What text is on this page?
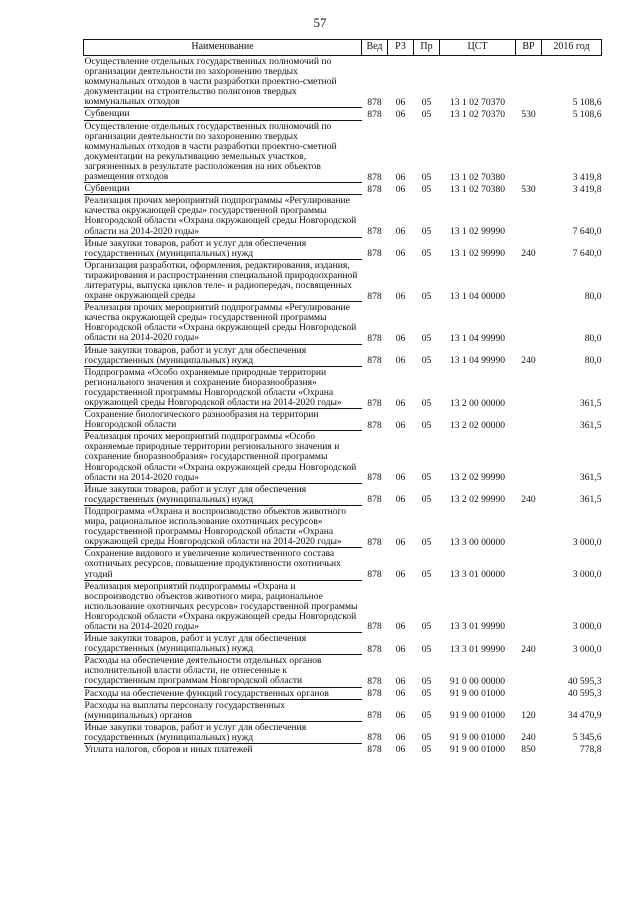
57
Наименование	Вед	РЗ	Пр	ЦСТ	ВР	2016 год
Осуществление отдельных государственных полномочий по организации деятельности по захоронению твердых коммунальных отходов в части разработки проектно-сметной документации на строительство полигонов твердых коммунальных отходов	878	06	05	13 1 02 70370		5 108,6
Субвенции	878	06	05	13 1 02 70370	530	5 108,6
Осуществление отдельных государственных полномочий по организации деятельности по захоронению твердых коммунальных отходов в части разработки проектно-сметной документации на рекультивацию земельных участков, загрязненных в результате расположения на них объектов размещения отходов	878	06	05	13 1 02 70380		3 419,8
Субвенции	878	06	05	13 1 02 70380	530	3 419,8
Реализация прочих мероприятий подпрограммы «Регулирование качества окружающей среды» государственной программы Новгородской области «Охрана окружающей среды Новгородской области на 2014-2020 годы»	878	06	05	13 1 02 99990		7 640,0
Иные закупки товаров, работ и услуг для обеспечения государственных (муниципальных) нужд	878	06	05	13 1 02 99990	240	7 640,0
Организация разработки, оформления, редактирования, издания, тиражирования и распространения специальной природоохранной литературы, выпуска циклов теле- и радиопередач, посвященных охране окружающей среды	878	06	05	13 1 04 00000		80,0
Реализация прочих мероприятий подпрограммы «Регулирование качества окружающей среды» государственной программы Новгородской области «Охрана окружающей среды Новгородской области на 2014-2020 годы»	878	06	05	13 1 04 99990		80,0
Иные закупки товаров, работ и услуг для обеспечения государственных (муниципальных) нужд	878	06	05	13 1 04 99990	240	80,0
Подпрограмма «Особо охраняемые природные территории регионального значения и сохранение биоразнообразия» государственной программы Новгородской области «Охрана окружающей среды Новгородской области на 2014-2020 годы»	878	06	05	13 2 00 00000		361,5
Сохранение биологического разнообразия на территории Новгородской области	878	06	05	13 2 02 00000		361,5
Реализация прочих мероприятий подпрограммы «Особо охраняемые природные территории регионального значения и сохранение биоразнообразия» государственной программы Новгородской области «Охрана окружающей среды Новгородской области на 2014-2020 годы»	878	06	05	13 2 02 99990		361,5
Иные закупки товаров, работ и услуг для обеспечения государственных (муниципальных) нужд	878	06	05	13 2 02 99990	240	361,5
Подпрограмма «Охрана и воспроизводство объектов животного мира, рациональное использование охотничьих ресурсов» государственной программы Новгородской области «Охрана окружающей среды Новгородской области на 2014-2020 годы»	878	06	05	13 3 00 00000		3 000,0
Сохранение видового и увеличение количественного состава охотничьих ресурсов, повышение продуктивности охотничьих угодий	878	06	05	13 3 01 00000		3 000,0
Реализация мероприятий подпрограммы «Охрана и воспроизводство объектов животного мира, рациональное использование охотничьих ресурсов» государственной программы Новгородской области «Охрана окружающей среды Новгородской области на 2014-2020 годы»	878	06	05	13 3 01 99990		3 000,0
Иные закупки товаров, работ и услуг для обеспечения государственных (муниципальных) нужд	878	06	05	13 3 01 99990	240	3 000,0
Расходы на обеспечение деятельности отдельных органов исполнительной власти области, не отнесенные к государственным программам Новгородской области	878	06	05	91 0 00 00000		40 595,3
Расходы на обеспечение функций государственных органов	878	06	05	91 9 00 01000		40 595,3
Расходы на выплаты персоналу государственных (муниципальных) органов	878	06	05	91 9 00 01000	120	34 470,9
Иные закупки товаров, работ и услуг для обеспечения государственных (муниципальных) нужд	878	06	05	91 9 00 01000	240	5 345,6
Уплата налогов, сборов и иных платежей	878	06	05	91 9 00 01000	850	778,8
